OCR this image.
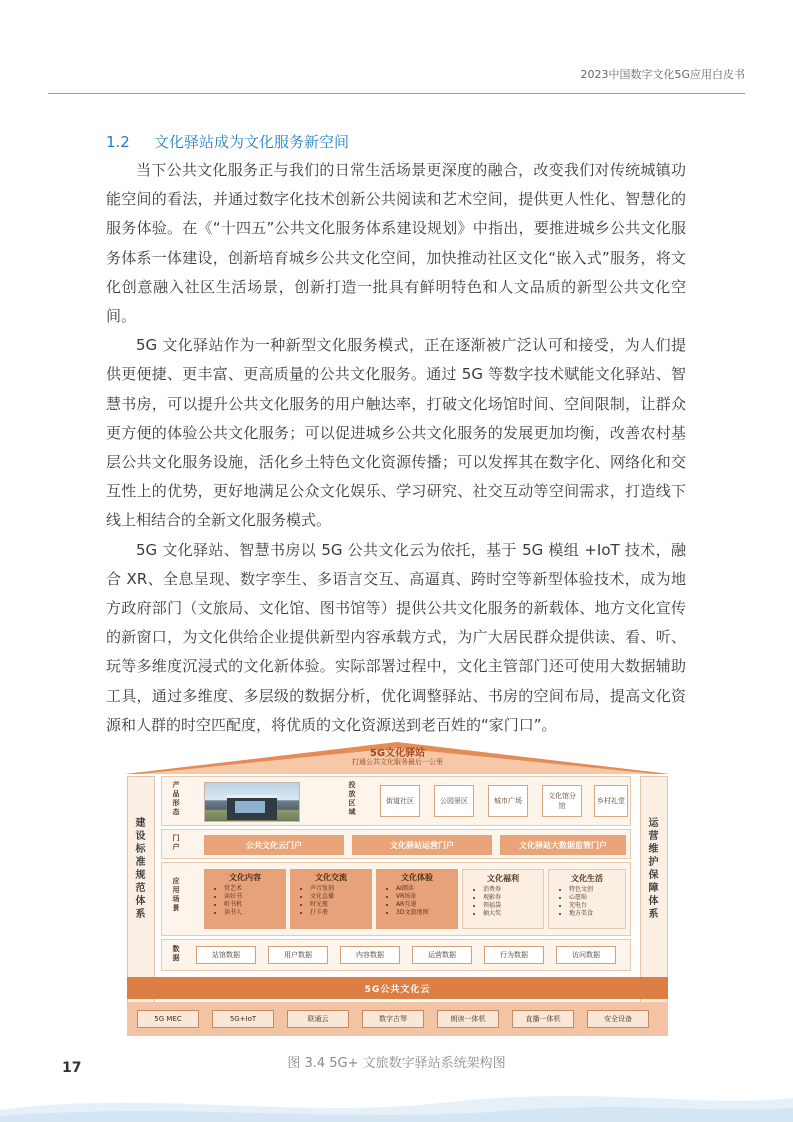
2023中国数字文化5G应用白皮书
1.2 文化驿站成为文化服务新空间

当下公共文化服务正与我们的日常生活场景更深度的融合，改变我们对传统城镇功能空间的看法，并通过数字化技术创新公共阅读和艺术空间，提供更人性化、智慧化的服务体验。在《“十四五”公共文化服务体系建设规划》中指出，要推进城乡公共文化服务体系一体建设，创新培育城乡公共文化空间，加快推动社区文化“嵌入式”服务，将文化创意融入社区生活场景，创新打造一批具有鲜明特色和人文品质的新型公共文化空间。

5G 文化驿站作为一种新型文化服务模式，正在逐渐被广泛认可和接受，为人们提供更便捷、更丰富、更高质量的公共文化服务。通过 5G 等数字技术赋能文化驿站、智慧书房，可以提升公共文化服务的用户触达率，打破文化场馆时间、空间限制，让群众更方便的体验公共文化服务；可以促进城乡公共文化服务的发展更加均衡，改善农村基层公共文化服务设施，活化乡土特色文化资源传播；可以发挥其在数字化、网络化和交互性上的优势，更好地满足公众文化娱乐、学习研究、社交互动等空间需求，打造线下线上相结合的全新文化服务模式。

5G 文化驿站、智慧书房以 5G 公共文化云为依托，基于 5G 模组 +IoT 技术，融合 XR、全息呈现、数字孪生、多语言交互、高逼真、跨时空等新型体验技术，成为地方政府部门（文旅局、文化馆、图书馆等）提供公共文化服务的新载体、地方文化宣传的新窗口，为文化供给企业提供新型内容承载方式，为广大居民群众提供读、看、听、玩等多维度沉浸式的文化新体验。实际部署过程中，文化主管部门还可使用大数据辅助工具，通过多维度、多层级的数据分析，优化调整驿站、书房的空间布局，提高文化资源和人群的时空匹配度，将优质的文化资源送到老百姓的“家门口”。

5G文化驿站
打通公共文化服务最后一公里
建设标准规范体系
运营维护保障体系
产品形态
投放区域
街道社区	公园景区	城市广场
文化馆分馆
乡村礼堂
门户	公共文化云门户	文化驿站运营门户	文化驿站大数据监管门户
应用场景
文化内容
• 赏艺术
• 读好书
• 听书机
• 读书人
文化交流
• 声音复刻
• 文化直播
• 时光瓶
• 打卡册
文化体验
• AI朗读
• VR场景
• AR互递
• 3D文旅地图
文化福利
• 消费券
• 观影券
• 领福袋
• 抽大奖
文化生活
• 特色文创
• 心愿贴
• 充电台
• 地方美食
数据	站馆数据	用户数据	内容数据	运营数据	行为数据	访问数据
5G公共文化云
5G MEC	5G+IoT	联通云	数字古琴	朗读一体机	直播一体机	安全设备
图 3.4 5G+ 文旅数字驿站系统架构图
17
